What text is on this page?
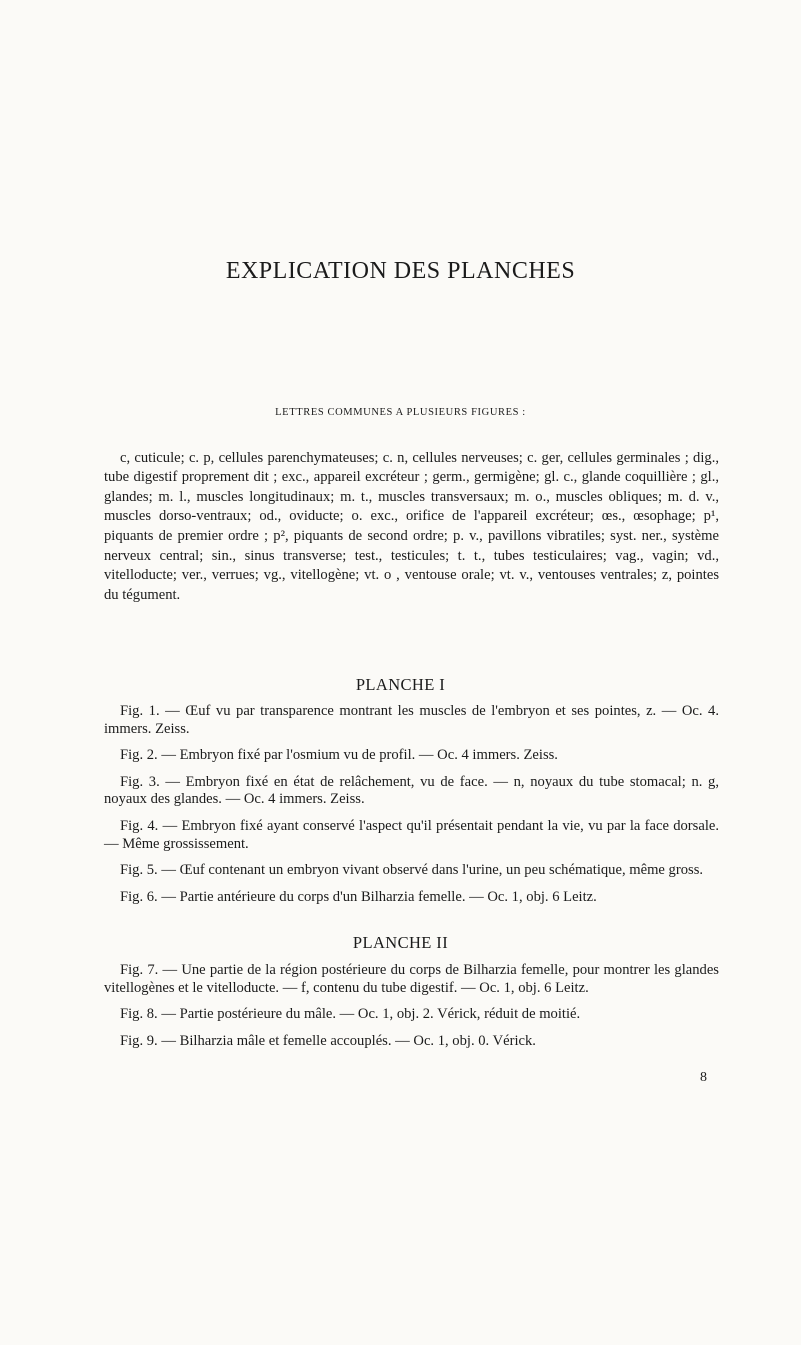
EXPLICATION DES PLANCHES
LETTRES COMMUNES A PLUSIEURS FIGURES :

c, cuticule; c. p, cellules parenchymateuses; c. n, cellules nerveuses; c. ger, cellules germinales ; dig., tube digestif proprement dit ; exc., appareil excréteur ; germ., germigène; gl. c., glande coquillière ; gl., glandes; m. l., muscles longitudinaux; m. t., muscles transversaux; m. o., muscles obliques; m. d. v., muscles dorso-ventraux; od., oviducte; o. exc., orifice de l'appareil excréteur; œs., œsophage; p¹, piquants de premier ordre ; p², piquants de second ordre; p. v., pavillons vibratiles; syst. ner., système nerveux central; sin., sinus transverse; test., testicules; t. t., tubes testiculaires; vag., vagin; vd., vitelloducte; ver., verrues; vg., vitellogène; vt. o , ventouse orale; vt. v., ventouses ventrales; z, pointes du tégument.

PLANCHE I

Fig. 1. — Œuf vu par transparence montrant les muscles de l'embryon et ses pointes, z. — Oc. 4. immers. Zeiss.

Fig. 2. — Embryon fixé par l'osmium vu de profil. — Oc. 4 immers. Zeiss.

Fig. 3. — Embryon fixé en état de relâchement, vu de face. — n, noyaux du tube stomacal; n. g, noyaux des glandes. — Oc. 4 immers. Zeiss.

Fig. 4. — Embryon fixé ayant conservé l'aspect qu'il présentait pendant la vie, vu par la face dorsale. — Même grossissement.

Fig. 5. — Œuf contenant un embryon vivant observé dans l'urine, un peu schématique, même gross.

Fig. 6. — Partie antérieure du corps d'un Bilharzia femelle. — Oc. 1, obj. 6 Leitz.

PLANCHE II

Fig. 7. — Une partie de la région postérieure du corps de Bilharzia femelle, pour montrer les glandes vitellogènes et le vitelloducte. — f, contenu du tube digestif. — Oc. 1, obj. 6 Leitz.

Fig. 8. — Partie postérieure du mâle. — Oc. 1, obj. 2. Vérick, réduit de moitié.

Fig. 9. — Bilharzia mâle et femelle accouplés. — Oc. 1, obj. 0. Vérick.

8
